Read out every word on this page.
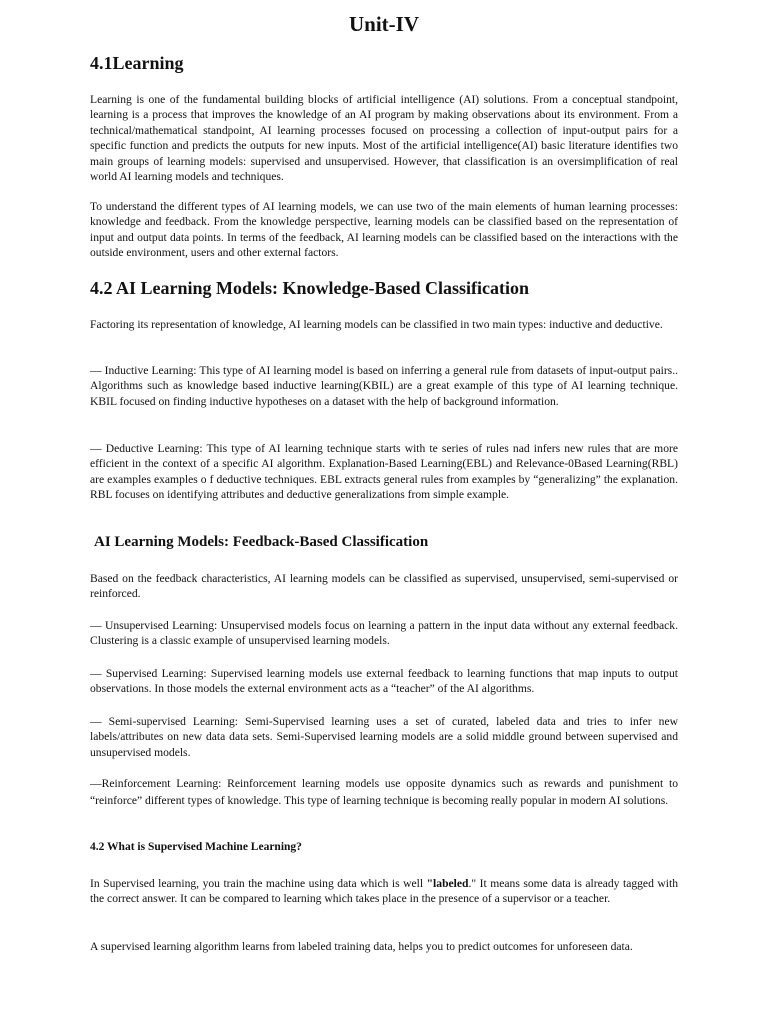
Unit-IV
4.1Learning

Learning is one of the fundamental building blocks of artificial intelligence (AI) solutions. From a conceptual standpoint, learning is a process that improves the knowledge of an AI program by making observations about its environment. From a technical/mathematical standpoint, AI learning processes focused on processing a collection of input-output pairs for a specific function and predicts the outputs for new inputs. Most of the artificial intelligence(AI) basic literature identifies two main groups of learning models: supervised and unsupervised. However, that classification is an oversimplification of real world AI learning models and techniques.

To understand the different types of AI learning models, we can use two of the main elements of human learning processes: knowledge and feedback. From the knowledge perspective, learning models can be classified based on the representation of input and output data points. In terms of the feedback, AI learning models can be classified based on the interactions with the outside environment, users and other external factors.

4.2 AI Learning Models: Knowledge-Based Classification

Factoring its representation of knowledge, AI learning models can be classified in two main types: inductive and deductive.

— Inductive Learning: This type of AI learning model is based on inferring a general rule from datasets of input-output pairs.. Algorithms such as knowledge based inductive learning(KBIL) are a great example of this type of AI learning technique. KBIL focused on finding inductive hypotheses on a dataset with the help of background information.

— Deductive Learning: This type of AI learning technique starts with te series of rules nad infers new rules that are more efficient in the context of a specific AI algorithm. Explanation-Based Learning(EBL) and Relevance-0Based Learning(RBL) are examples examples o f deductive techniques. EBL extracts general rules from examples by “generalizing” the explanation. RBL focuses on identifying attributes and deductive generalizations from simple example.

AI Learning Models: Feedback-Based Classification

Based on the feedback characteristics, AI learning models can be classified as supervised, unsupervised, semi-supervised or reinforced.

— Unsupervised Learning: Unsupervised models focus on learning a pattern in the input data without any external feedback. Clustering is a classic example of unsupervised learning models.

— Supervised Learning: Supervised learning models use external feedback to learning functions that map inputs to output observations. In those models the external environment acts as a “teacher” of the AI algorithms.

— Semi-supervised Learning: Semi-Supervised learning uses a set of curated, labeled data and tries to infer new labels/attributes on new data data sets. Semi-Supervised learning models are a solid middle ground between supervised and unsupervised models.

—Reinforcement Learning: Reinforcement learning models use opposite dynamics such as rewards and punishment to “reinforce” different types of knowledge. This type of learning technique is becoming really popular in modern AI solutions.

4.2 What is Supervised Machine Learning?

In Supervised learning, you train the machine using data which is well "labeled." It means some data is already tagged with the correct answer. It can be compared to learning which takes place in the presence of a supervisor or a teacher.

A supervised learning algorithm learns from labeled training data, helps you to predict outcomes for unforeseen data.
